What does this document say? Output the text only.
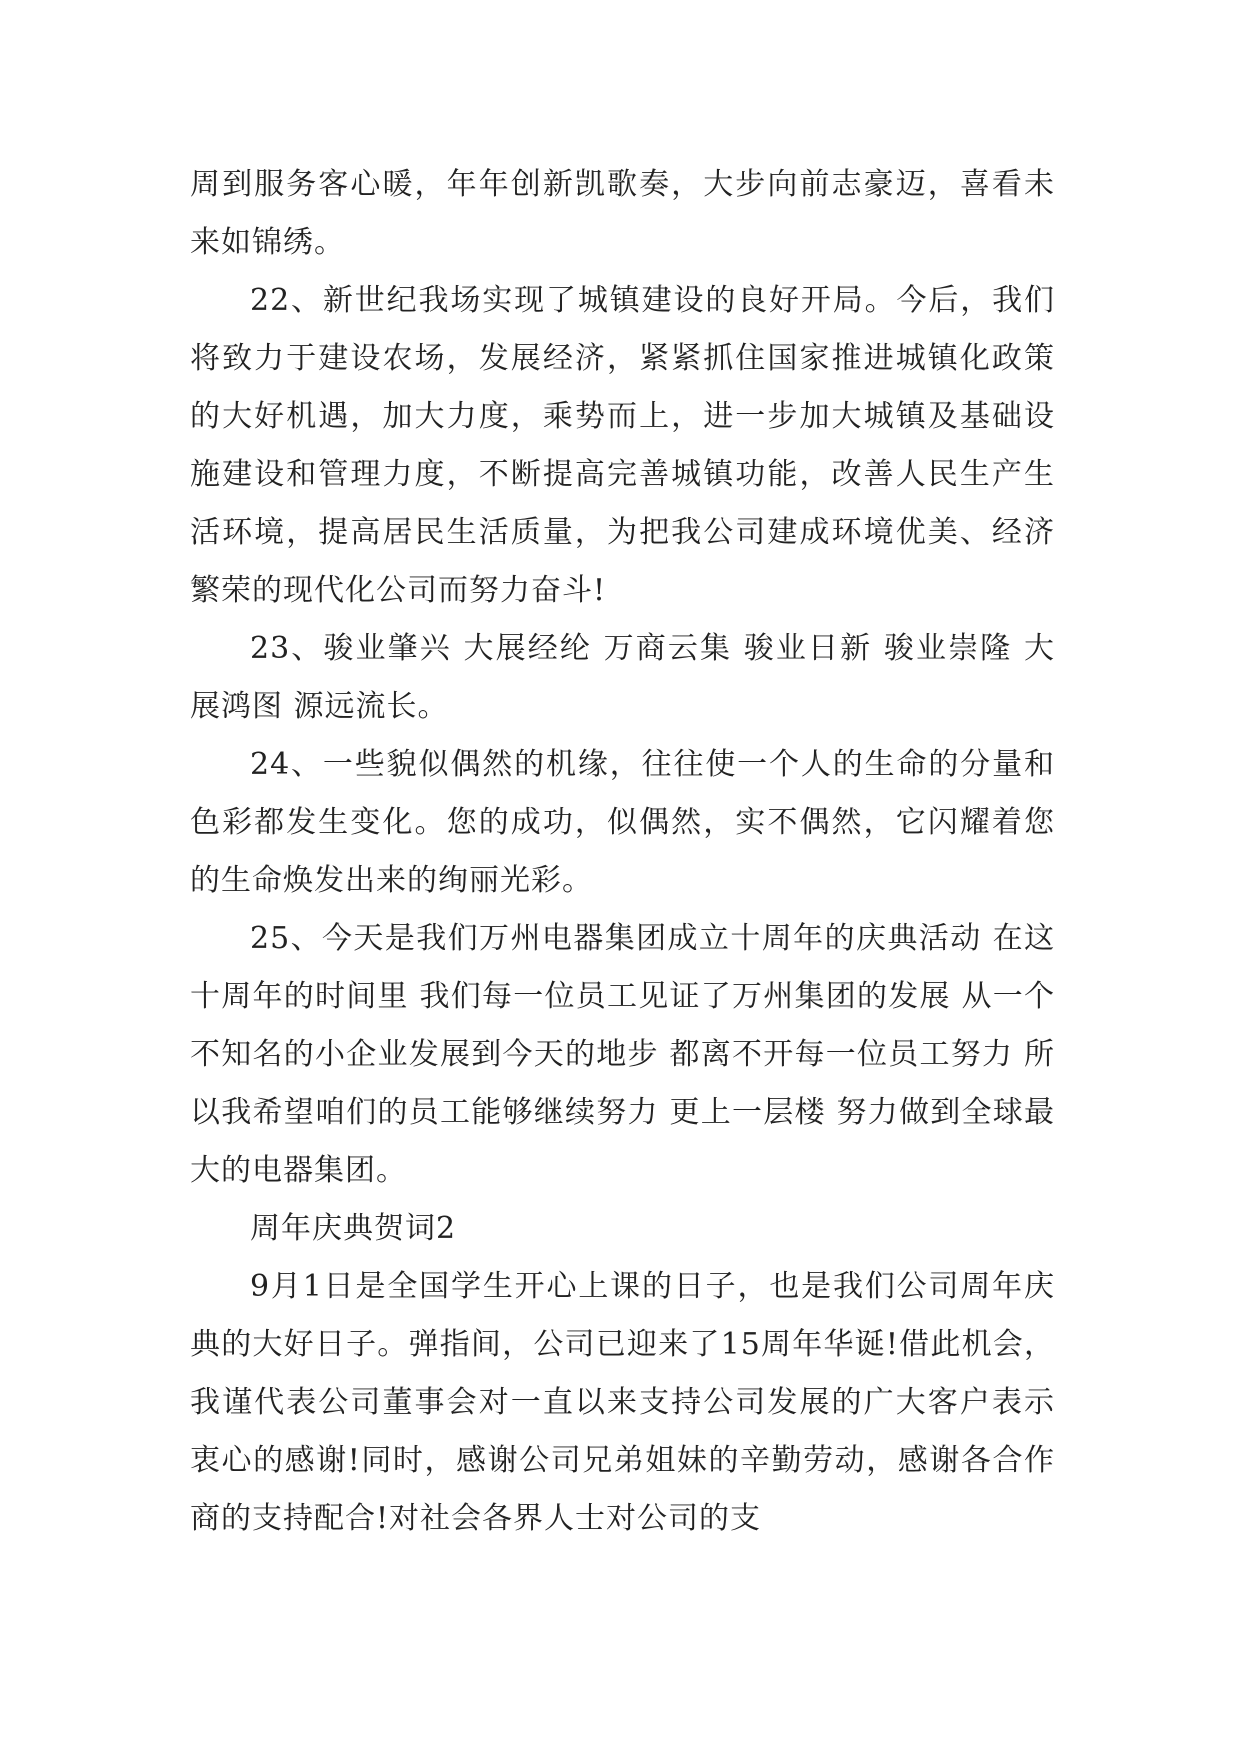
周到服务客心暖，年年创新凯歌奏，大步向前志豪迈，喜看未来如锦绣。

22、新世纪我场实现了城镇建设的良好开局。今后，我们将致力于建设农场，发展经济，紧紧抓住国家推进城镇化政策的大好机遇，加大力度，乘势而上，进一步加大城镇及基础设施建设和管理力度，不断提高完善城镇功能，改善人民生产生活环境，提高居民生活质量，为把我公司建成环境优美、经济繁荣的现代化公司而努力奋斗!

23、骏业肇兴 大展经纶 万商云集 骏业日新 骏业崇隆 大展鸿图 源远流长。

24、一些貌似偶然的机缘，往往使一个人的生命的分量和色彩都发生变化。您的成功，似偶然，实不偶然，它闪耀着您的生命焕发出来的绚丽光彩。

25、今天是我们万州电器集团成立十周年的庆典活动 在这十周年的时间里 我们每一位员工见证了万州集团的发展 从一个不知名的小企业发展到今天的地步 都离不开每一位员工努力 所以我希望咱们的员工能够继续努力 更上一层楼 努力做到全球最大的电器集团。

周年庆典贺词2

9月1日是全国学生开心上课的日子，也是我们公司周年庆典的大好日子。弹指间，公司已迎来了15周年华诞!借此机会，我谨代表公司董事会对一直以来支持公司发展的广大客户表示衷心的感谢!同时，感谢公司兄弟姐妹的辛勤劳动，感谢各合作商的支持配合!对社会各界人士对公司的支
